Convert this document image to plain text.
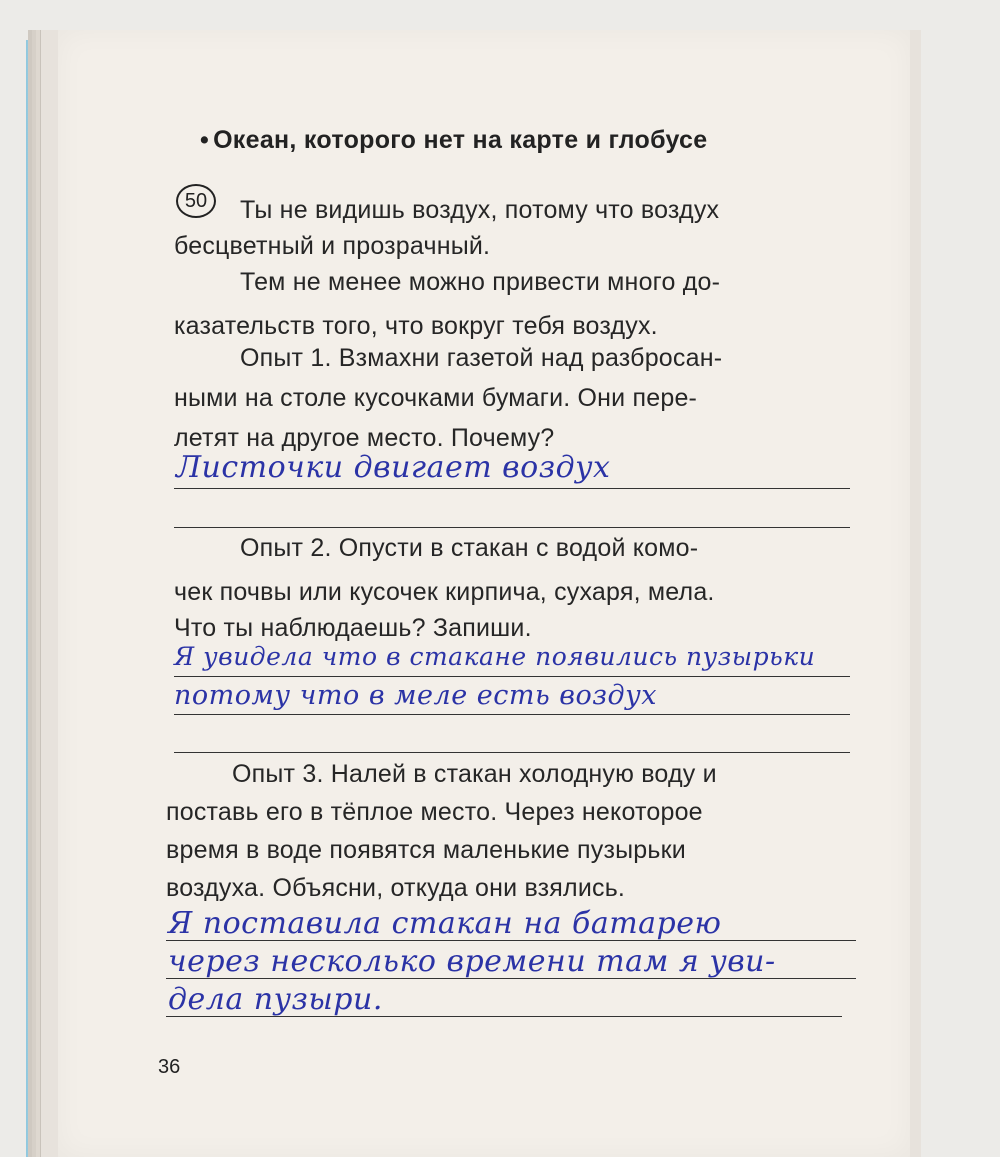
• Океан, которого нет на карте и глобусе
50	Ты не видишь воздух, потому что воздух
бесцветный и прозрачный.
Тем не менее можно привести много до-
казательств того, что вокруг тебя воздух.
Опыт 1. Взмахни газетой над разбросан-
ными на столе кусочками бумаги. Они пере-
летят на другое место. Почему?
Листочки двигает воздух
Опыт 2. Опусти в стакан с водой комо-
чек почвы или кусочек кирпича, сухаря, мела.
Что ты наблюдаешь? Запиши.
Я увидела что в стакане появились пузырьки
потому что в меле есть воздух
Опыт 3. Налей в стакан холодную воду и
поставь его в тёплое место. Через некоторое
время в воде появятся маленькие пузырьки
воздуха. Объясни, откуда они взялись.
Я поставила стакан на батарею
через несколько времени там я уви-
дела пузыри.
36
